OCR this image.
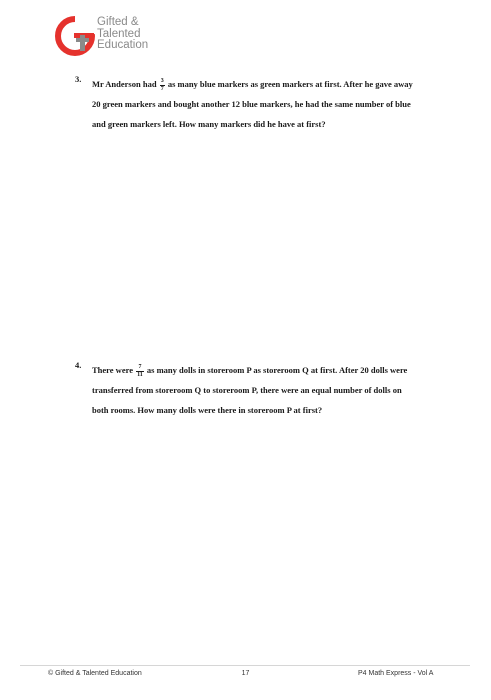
Gifted &
Talented
Education
3. Mr Anderson had $\frac{3}{7}$ as many blue markers as green markers at first. After he gave away
20 green markers and bought another 12 blue markers, he had the same number of blue
and green markers left. How many markers did he have at first?
4. There were $\frac{7}{11}$ as many dolls in storeroom P as storeroom Q at first. After 20 dolls were
transferred from storeroom Q to storeroom P, there were an equal number of dolls on
both rooms. How many dolls were there in storeroom P at first?
© Gifted & Talented Education	17	P4 Math Express - Vol A
